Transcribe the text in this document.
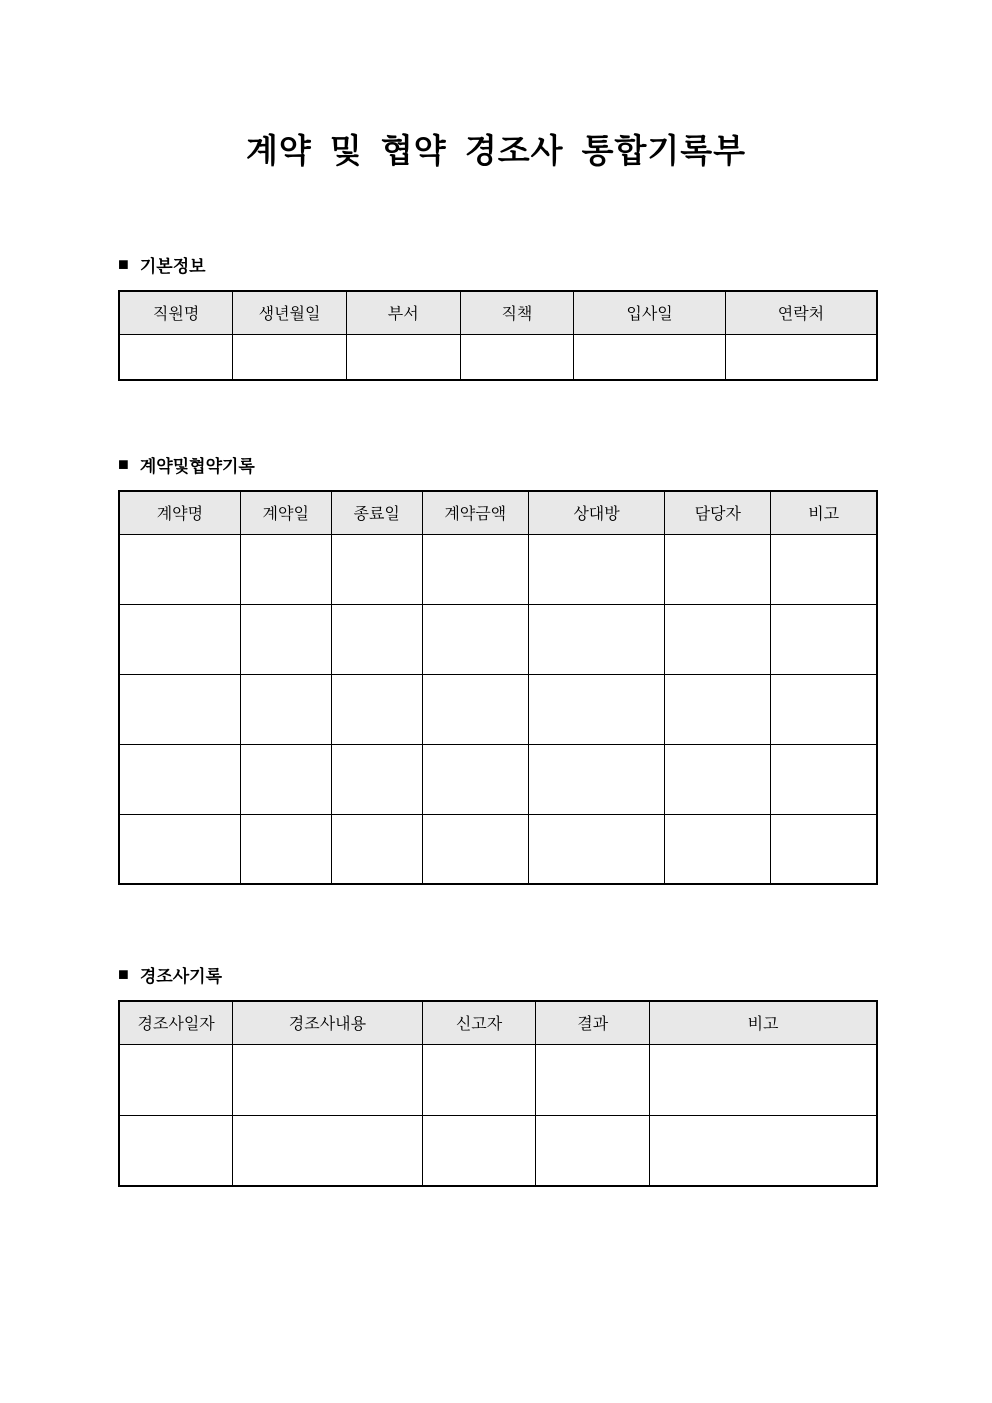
계약 및 협약 경조사 통합기록부
■ 기본정보
직원명	생년월일	부서	직책	입사일	연락처

■ 계약및협약기록
계약명	계약일	종료일	계약금액	상대방	담당자	비고

■ 경조사기록
경조사일자	경조사내용	신고자	결과	비고
